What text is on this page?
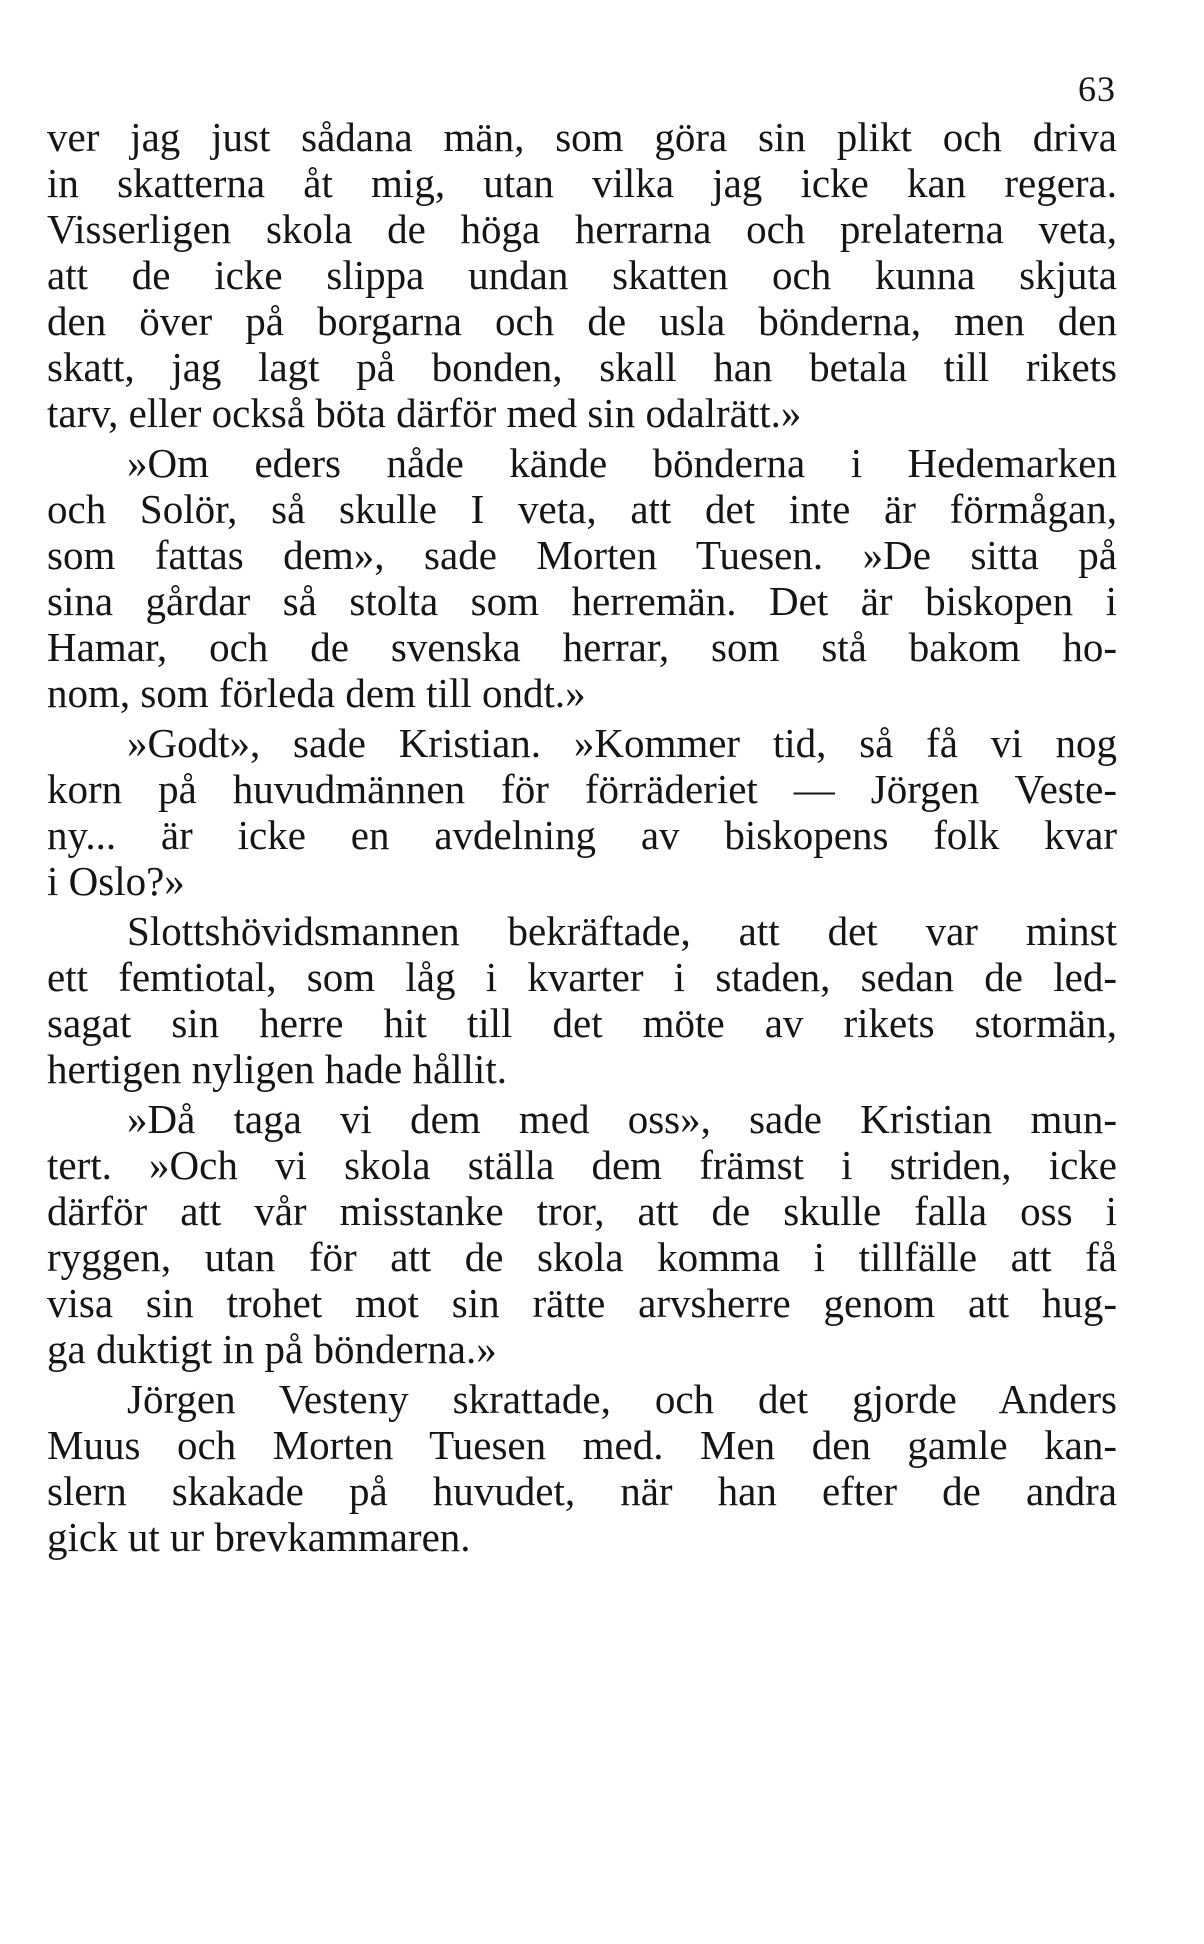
63
ver jag just sådana män, som göra sin plikt och driva
in skatterna åt mig, utan vilka jag icke kan regera.
Visserligen skola de höga herrarna och prelaterna veta,
att de icke slippa undan skatten och kunna skjuta
den över på borgarna och de usla bönderna, men den
skatt, jag lagt på bonden, skall han betala till rikets
tarv, eller också böta därför med sin odalrätt.»
»Om eders nåde kände bönderna i Hedemarken
och Solör, så skulle I veta, att det inte är förmågan,
som fattas dem», sade Morten Tuesen. »De sitta på
sina gårdar så stolta som herremän. Det är biskopen i
Hamar, och de svenska herrar, som stå bakom ho-
nom, som förleda dem till ondt.»
»Godt», sade Kristian. »Kommer tid, så få vi nog
korn på huvudmännen för förräderiet — Jörgen Veste-
ny... är icke en avdelning av biskopens folk kvar
i Oslo?»
Slottshövidsmannen bekräftade, att det var minst
ett femtiotal, som låg i kvarter i staden, sedan de led-
sagat sin herre hit till det möte av rikets stormän,
hertigen nyligen hade hållit.
»Då taga vi dem med oss», sade Kristian mun-
tert. »Och vi skola ställa dem främst i striden, icke
därför att vår misstanke tror, att de skulle falla oss i
ryggen, utan för att de skola komma i tillfälle att få
visa sin trohet mot sin rätte arvsherre genom att hug-
ga duktigt in på bönderna.»
Jörgen Vesteny skrattade, och det gjorde Anders
Muus och Morten Tuesen med. Men den gamle kan-
slern skakade på huvudet, när han efter de andra
gick ut ur brevkammaren.
